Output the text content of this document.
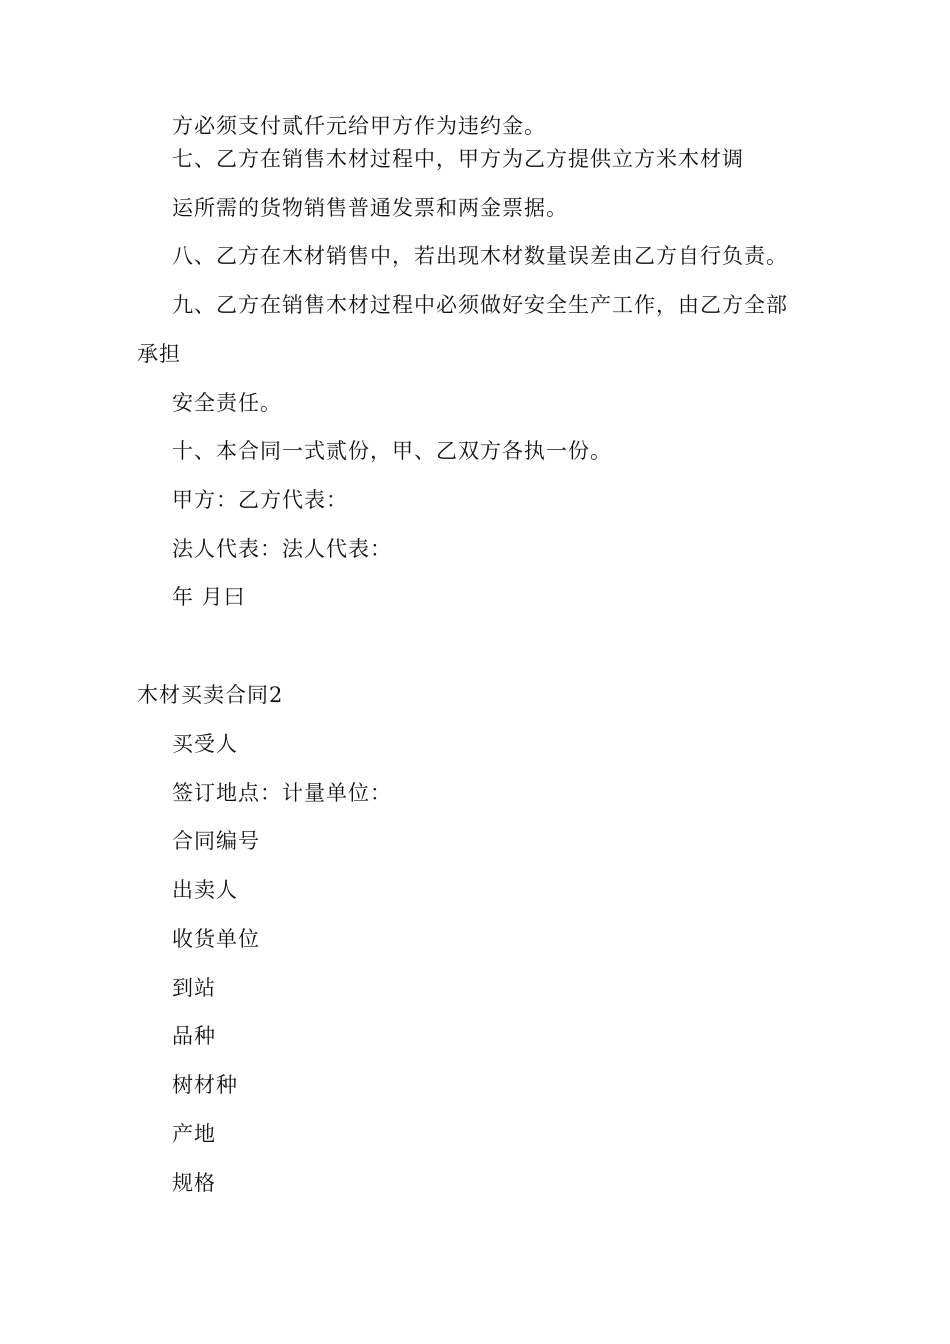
方必须支付贰仟元给甲方作为违约金。
七、乙方在销售木材过程中，甲方为乙方提供立方米木材调
运所需的货物销售普通发票和两金票据。
八、乙方在木材销售中，若出现木材数量误差由乙方自行负责。
九、乙方在销售木材过程中必须做好安全生产工作，由乙方全部
承担
安全责任。
十、本合同一式贰份，甲、乙双方各执一份。
甲方：乙方代表：
法人代表：法人代表：
年 月曰
木材买卖合同2
买受人
签订地点：计量单位：
合同编号
出卖人
收货单位
到站
品种
树材种
产地
规格
